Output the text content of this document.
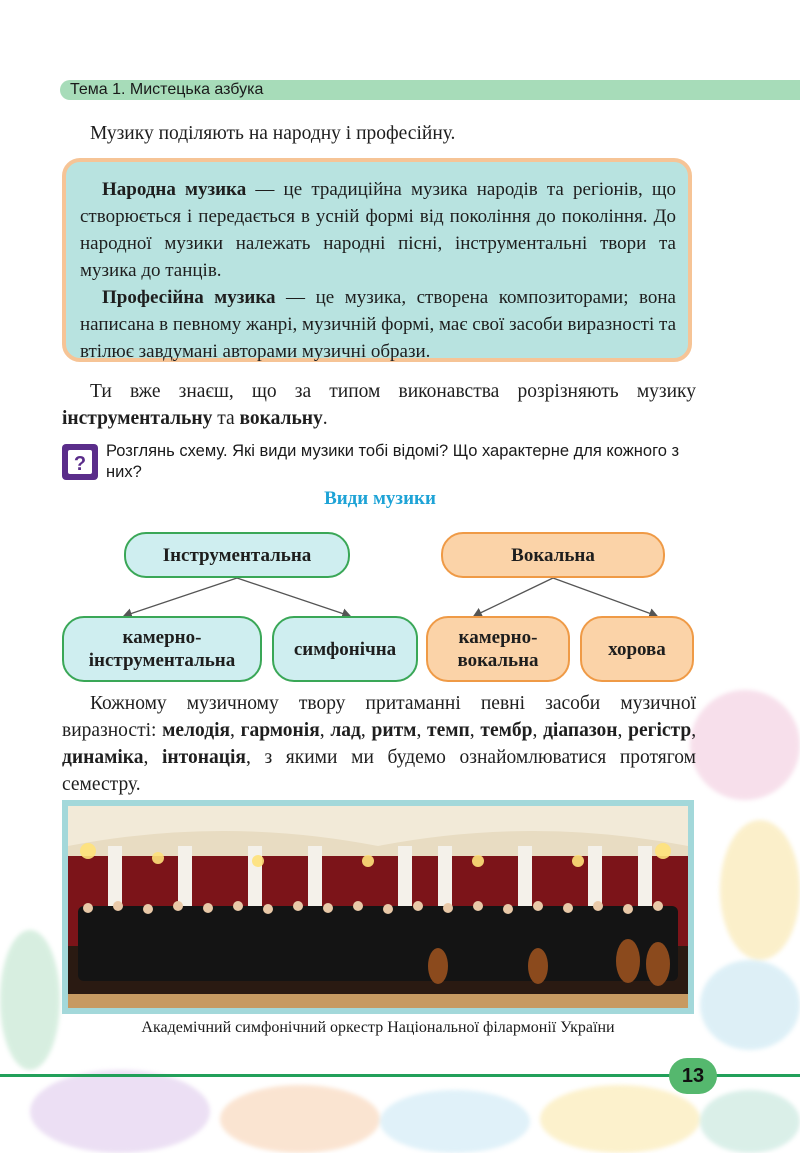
Тема 1. Мистецька азбука
Музику поділяють на народну і професійну.

Народна музика — це традиційна музика народів та регіонів, що створюється і передається в усній формі від покоління до покоління. До народної музики належать народні пісні, інструментальні твори та музика до танців.

Професійна музика — це музика, створена композиторами; вона написана в певному жанрі, музичній формі, має свої засоби виразності та втілює завдумані авторами музичні образи.

Ти вже знаєш, що за типом виконавства розрізняють музику інструментальну та вокальну.
?
Розглянь схему. Які види музики тобі відомі? Що характерне для кожного з них?
Види музики
Інструментальна	Вокальна
камерно-інструментальна
симфонічна
камерно-вокальна
хорова
Кожному музичному твору притаманні певні засоби музичної виразності: мелодія, гармонія, лад, ритм, темп, тембр, діапазон, регістр, динаміка, інтонація, з якими ми будемо ознайомлюватися протягом семестру.
Академічний симфонічний оркестр Національної філармонії України
13
